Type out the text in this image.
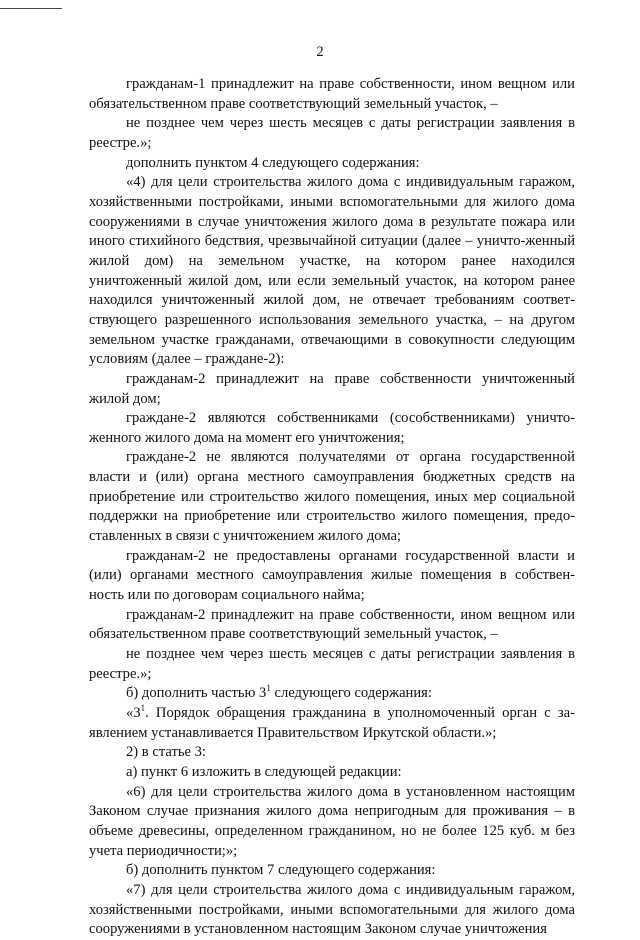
2

гражданам-1 принадлежит на праве собственности, ином вещном или обязательственном праве соответствующий земельный участок, –

не позднее чем через шесть месяцев с даты регистрации заявления в реестре.»;

дополнить пунктом 4 следующего содержания:

«4) для цели строительства жилого дома с индивидуальным гаражом, хозяйственными постройками, иными вспомогательными для жилого дома сооружениями в случае уничтожения жилого дома в результате пожара или иного стихийного бедствия, чрезвычайной ситуации (далее – уничто-женный жилой дом) на земельном участке, на котором ранее находился уничтоженный жилой дом, или если земельный участок, на котором ранее находился уничтоженный жилой дом, не отвечает требованиям соответ-ствующего разрешенного использования земельного участка, – на другом земельном участке гражданами, отвечающими в совокупности следующим условиям (далее – граждане-2):

гражданам-2 принадлежит на праве собственности уничтоженный жилой дом;

граждане-2 являются собственниками (сособственниками) уничто-женного жилого дома на момент его уничтожения;

граждане-2 не являются получателями от органа государственной власти и (или) органа местного самоуправления бюджетных средств на приобретение или строительство жилого помещения, иных мер социальной поддержки на приобретение или строительство жилого помещения, предо-ставленных в связи с уничтожением жилого дома;

гражданам-2 не предоставлены органами государственной власти и (или) органами местного самоуправления жилые помещения в собствен-ность или по договорам социального найма;

гражданам-2 принадлежит на праве собственности, ином вещном или обязательственном праве соответствующий земельный участок, –

не позднее чем через шесть месяцев с даты регистрации заявления в реестре.»;

б) дополнить частью $3^1$ следующего содержания:

«$3^1$. Порядок обращения гражданина в уполномоченный орган с за-явлением устанавливается Правительством Иркутской области.»;

2) в статье 3:

а) пункт 6 изложить в следующей редакции:

«6) для цели строительства жилого дома в установленном настоящим Законом случае признания жилого дома непригодным для проживания – в объеме древесины, определенном гражданином, но не более 125 куб. м без учета периодичности;»;

б) дополнить пунктом 7 следующего содержания:

«7) для цели строительства жилого дома с индивидуальным гаражом, хозяйственными постройками, иными вспомогательными для жилого дома сооружениями в установленном настоящим Законом случае уничтожения
